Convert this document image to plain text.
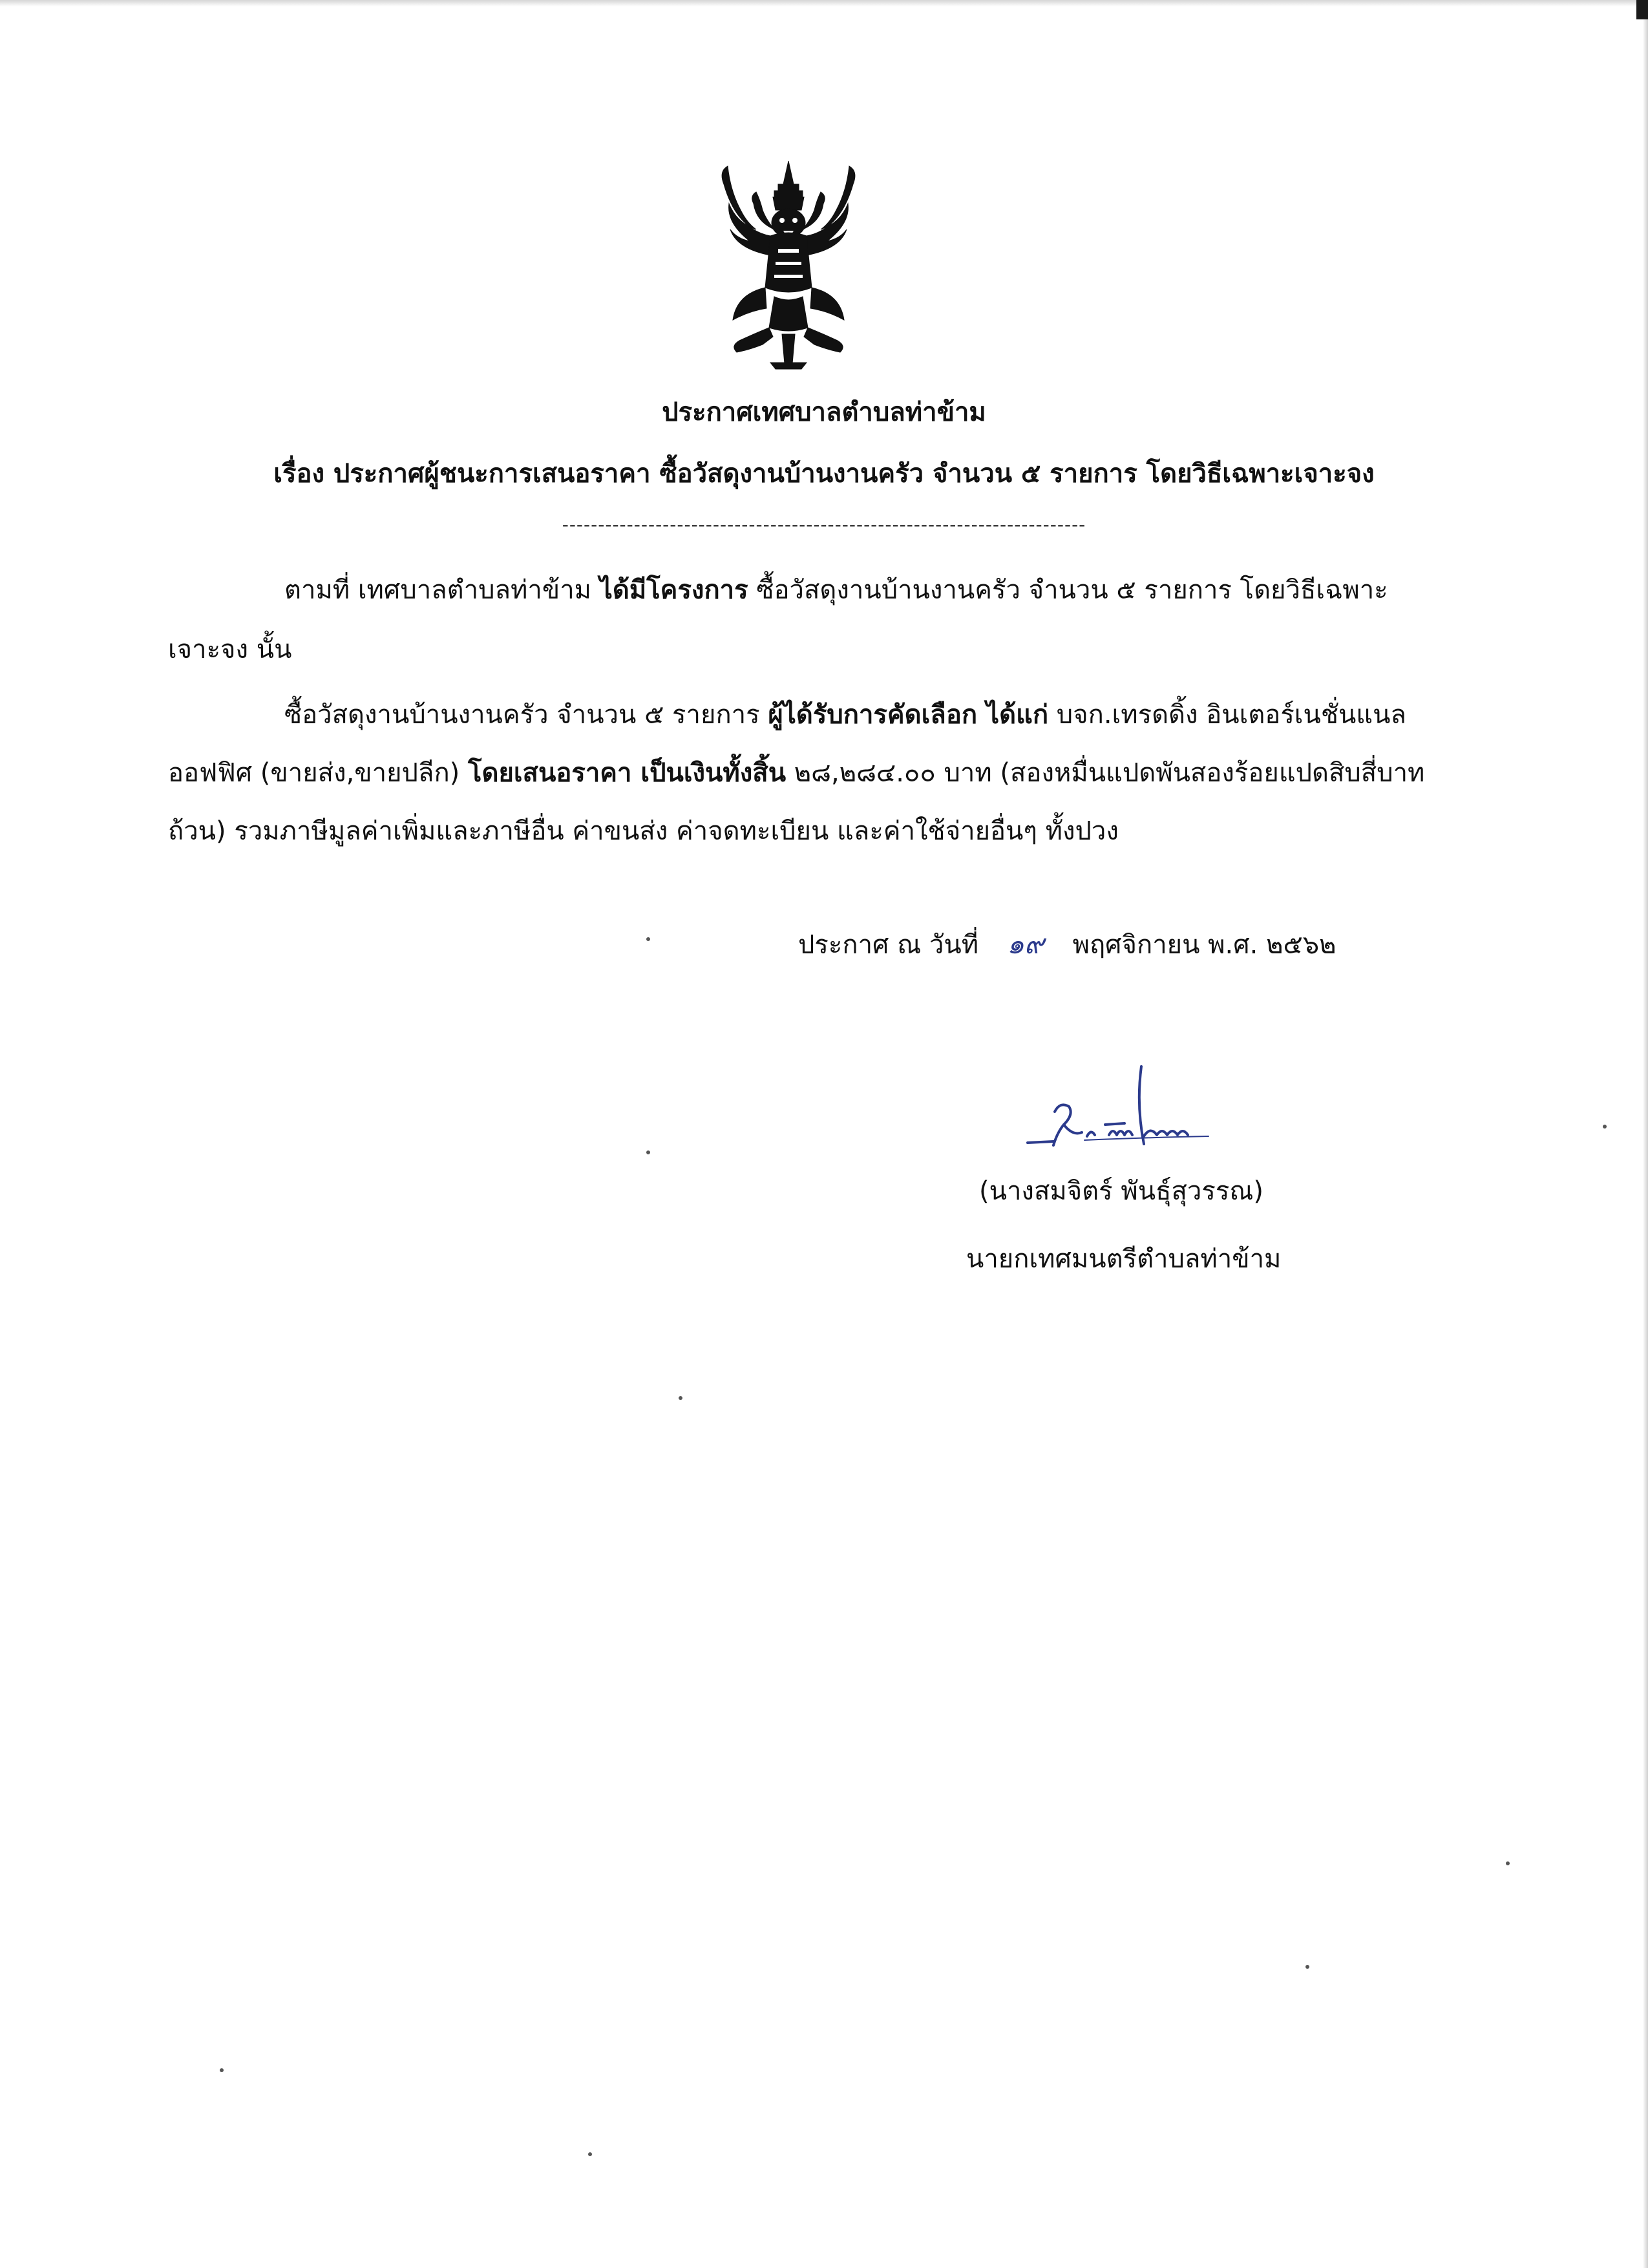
ประกาศเทศบาลตำบลท่าข้าม
เรื่อง ประกาศผู้ชนะการเสนอราคา ซื้อวัสดุงานบ้านงานครัว จำนวน ๕ รายการ โดยวิธีเฉพาะเจาะจง
-------------------------------------------------------------------------
ตามที่ เทศบาลตำบลท่าข้าม ได้มีโครงการ ซื้อวัสดุงานบ้านงานครัว จำนวน ๕ รายการ โดยวิธีเฉพาะ
เจาะจง นั้น
ซื้อวัสดุงานบ้านงานครัว จำนวน ๕ รายการ ผู้ได้รับการคัดเลือก ได้แก่ บจก.เทรดดิ้ง อินเตอร์เนชั่นแนล
ออฟฟิศ (ขายส่ง,ขายปลีก) โดยเสนอราคา เป็นเงินทั้งสิ้น ๒๘,๒๘๔.๐๐ บาท (สองหมื่นแปดพันสองร้อยแปดสิบสี่บาท
ถ้วน) รวมภาษีมูลค่าเพิ่มและภาษีอื่น ค่าขนส่ง ค่าจดทะเบียน และค่าใช้จ่ายอื่นๆ ทั้งปวง
ประกาศ ณ วันที่ ๑๙ พฤศจิกายน พ.ศ. ๒๕๖๒
(นางสมจิตร์ พันธุ์สุวรรณ)
นายกเทศมนตรีตำบลท่าข้าม
